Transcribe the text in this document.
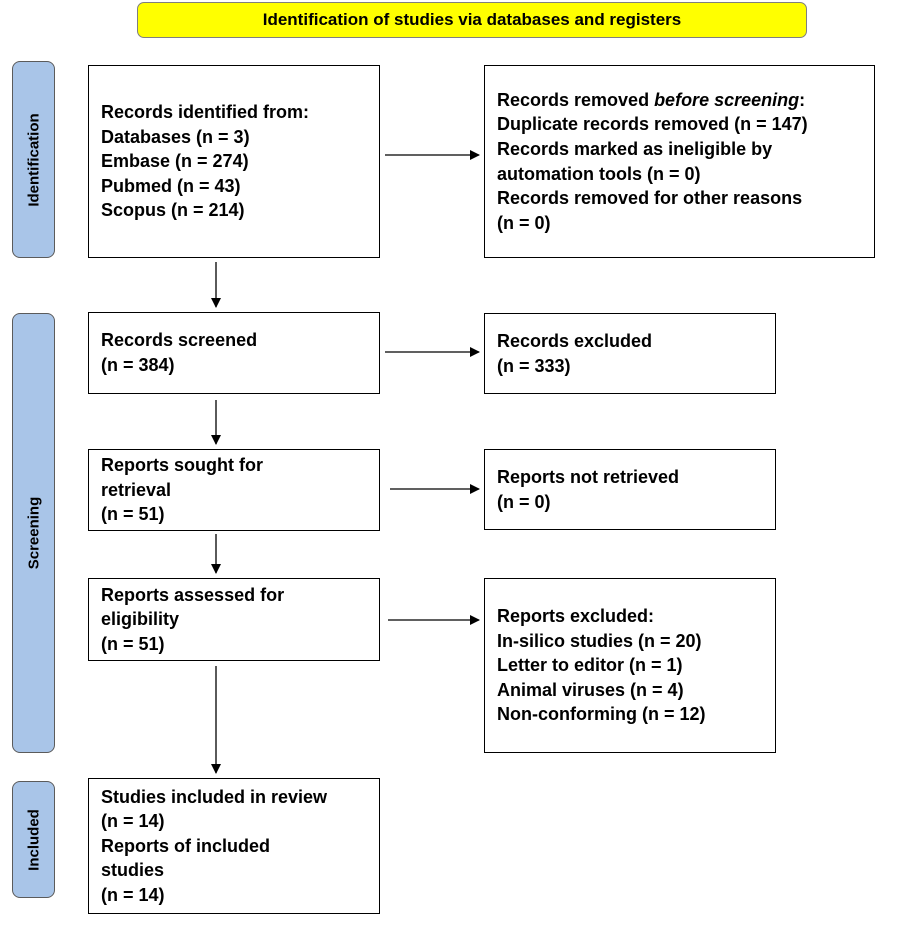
Identification of studies via databases and registers
Identification
Screening
Included
Records identified from:
Databases (n = 3)
Embase (n = 274)
Pubmed (n = 43)
Scopus (n = 214)
Records removed before screening:
Duplicate records removed (n = 147)
Records marked as ineligible by
automation tools (n = 0)
Records removed for other reasons
(n = 0)
Records screened
(n = 384)
Records excluded
(n = 333)
Reports sought for
retrieval
(n = 51)
Reports not retrieved
(n = 0)
Reports assessed for
eligibility
(n = 51)
Reports excluded:
In-silico studies (n = 20)
Letter to editor (n = 1)
Animal viruses (n = 4)
Non-conforming (n = 12)
Studies included in review
(n = 14)
Reports of included
studies
(n = 14)
